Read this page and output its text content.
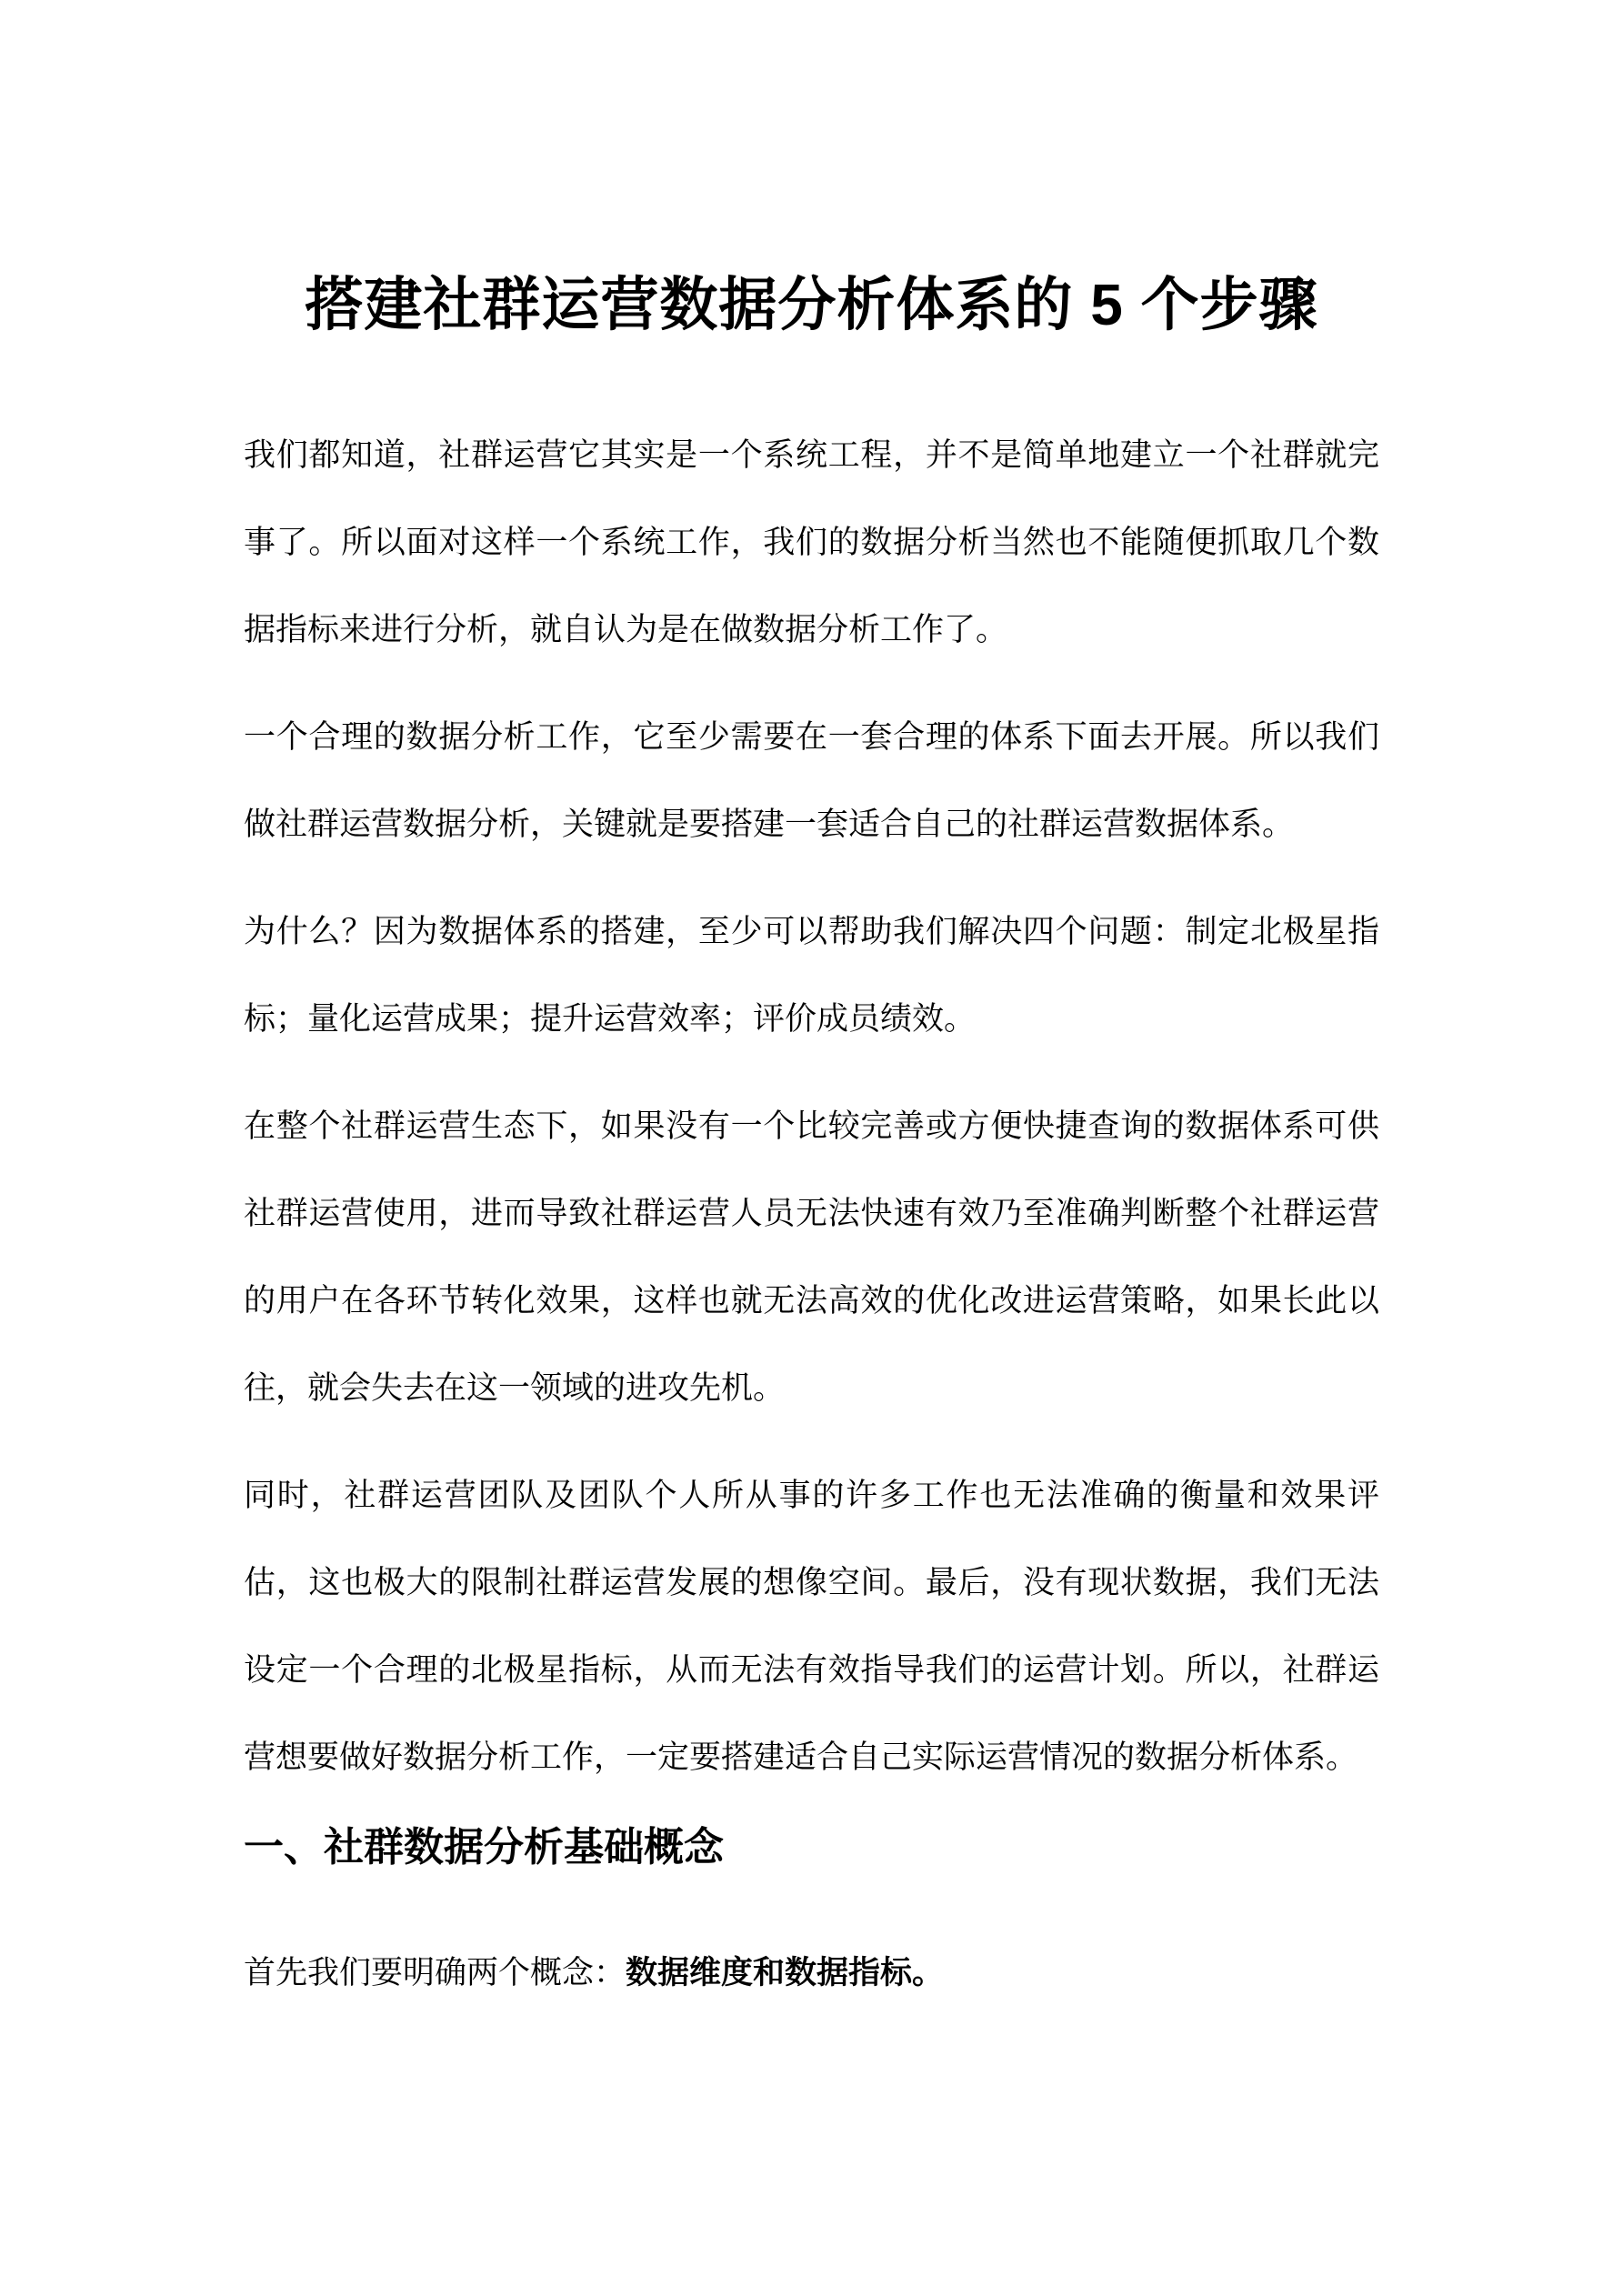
搭建社群运营数据分析体系的 5 个步骤

我们都知道，社群运营它其实是一个系统工程，并不是简单地建立一个社群就完事了。所以面对这样一个系统工作，我们的数据分析当然也不能随便抓取几个数据指标来进行分析，就自认为是在做数据分析工作了。

一个合理的数据分析工作，它至少需要在一套合理的体系下面去开展。所以我们做社群运营数据分析，关键就是要搭建一套适合自己的社群运营数据体系。

为什么？因为数据体系的搭建，至少可以帮助我们解决四个问题：制定北极星指标；量化运营成果；提升运营效率；评价成员绩效。

在整个社群运营生态下，如果没有一个比较完善或方便快捷查询的数据体系可供社群运营使用，进而导致社群运营人员无法快速有效乃至准确判断整个社群运营的用户在各环节转化效果，这样也就无法高效的优化改进运营策略，如果长此以往，就会失去在这一领域的进攻先机。

同时，社群运营团队及团队个人所从事的许多工作也无法准确的衡量和效果评估，这也极大的限制社群运营发展的想像空间。最后，没有现状数据，我们无法设定一个合理的北极星指标，从而无法有效指导我们的运营计划。所以，社群运营想要做好数据分析工作，一定要搭建适合自己实际运营情况的数据分析体系。

一、社群数据分析基础概念

首先我们要明确两个概念：数据维度和数据指标。
